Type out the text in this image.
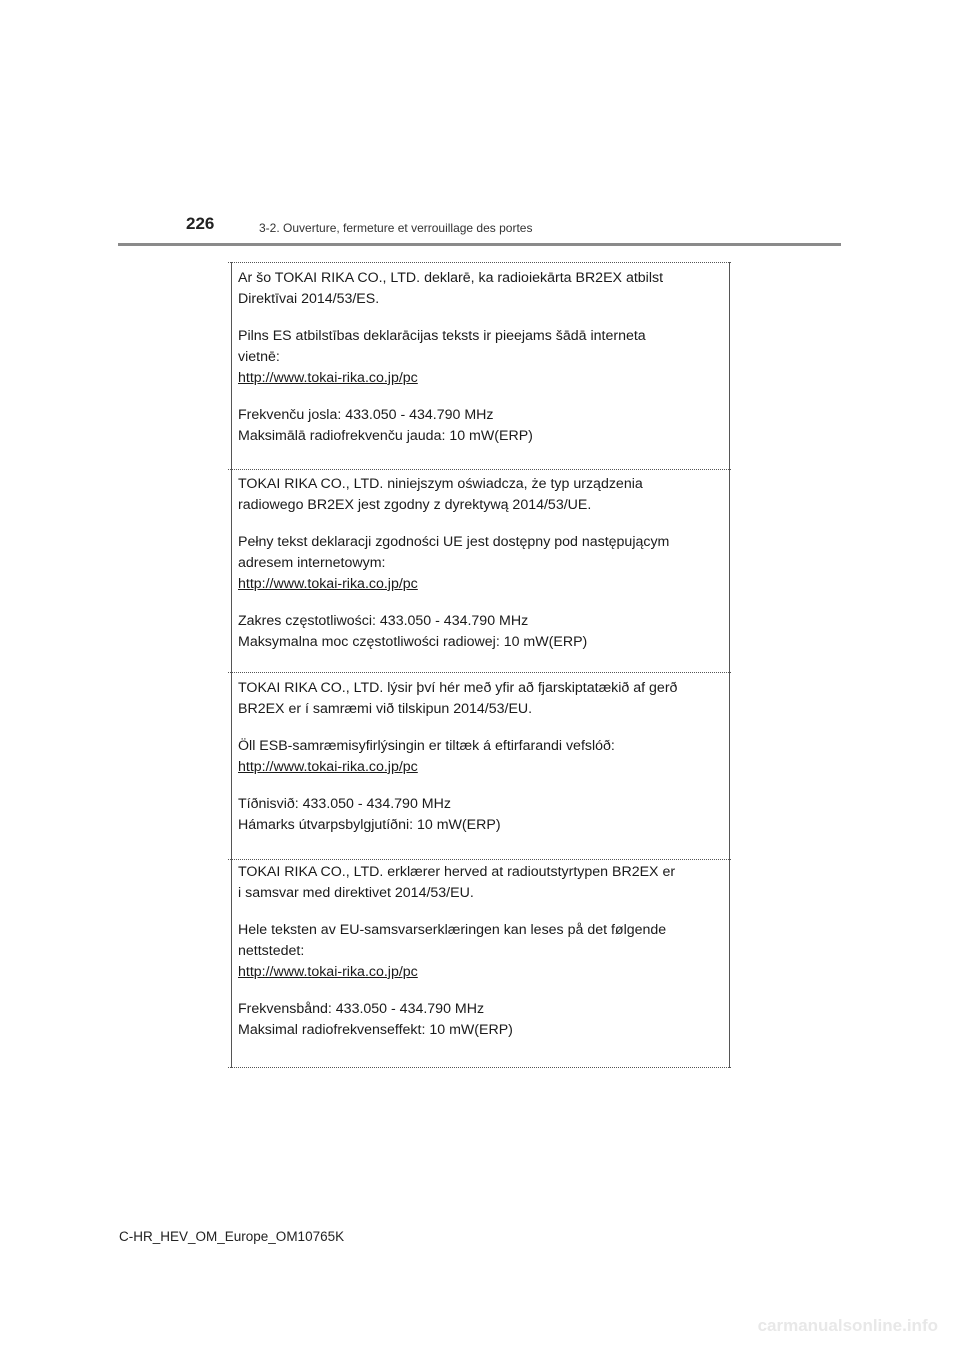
226	3-2. Ouverture, fermeture et verrouillage des portes

Ar šo TOKAI RIKA CO., LTD. deklarē, ka radioiekārta BR2EX atbilst

Direktīvai 2014/53/ES.

Pilns ES atbilstības deklarācijas teksts ir pieejams šādā interneta

vietnē:

http://www.tokai-rika.co.jp/pc

Frekvenču josla: 433.050 - 434.790 MHz

Maksimālā radiofrekvenču jauda: 10 mW(ERP)

TOKAI RIKA CO., LTD. niniejszym oświadcza, że typ urządzenia

radiowego BR2EX jest zgodny z dyrektywą 2014/53/UE.

Pełny tekst deklaracji zgodności UE jest dostępny pod następującym

adresem internetowym:

http://www.tokai-rika.co.jp/pc

Zakres częstotliwości: 433.050 - 434.790 MHz

Maksymalna moc częstotliwości radiowej: 10 mW(ERP)

TOKAI RIKA CO., LTD. lýsir því hér með yfir að fjarskiptatækið af gerð

BR2EX er í samræmi við tilskipun 2014/53/EU.

Öll ESB-samræmisyfirlýsingin er tiltæk á eftirfarandi vefslóð:

http://www.tokai-rika.co.jp/pc

Tíðnisvið: 433.050 - 434.790 MHz

Hámarks útvarpsbylgjutíðni: 10 mW(ERP)

TOKAI RIKA CO., LTD. erklærer herved at radioutstyrtypen BR2EX er

i samsvar med direktivet 2014/53/EU.

Hele teksten av EU-samsvarserklæringen kan leses på det følgende

nettstedet:

http://www.tokai-rika.co.jp/pc

Frekvensbånd: 433.050 - 434.790 MHz

Maksimal radiofrekvenseffekt: 10 mW(ERP)

C-HR_HEV_OM_Europe_OM10765K
carmanualsonline.info
